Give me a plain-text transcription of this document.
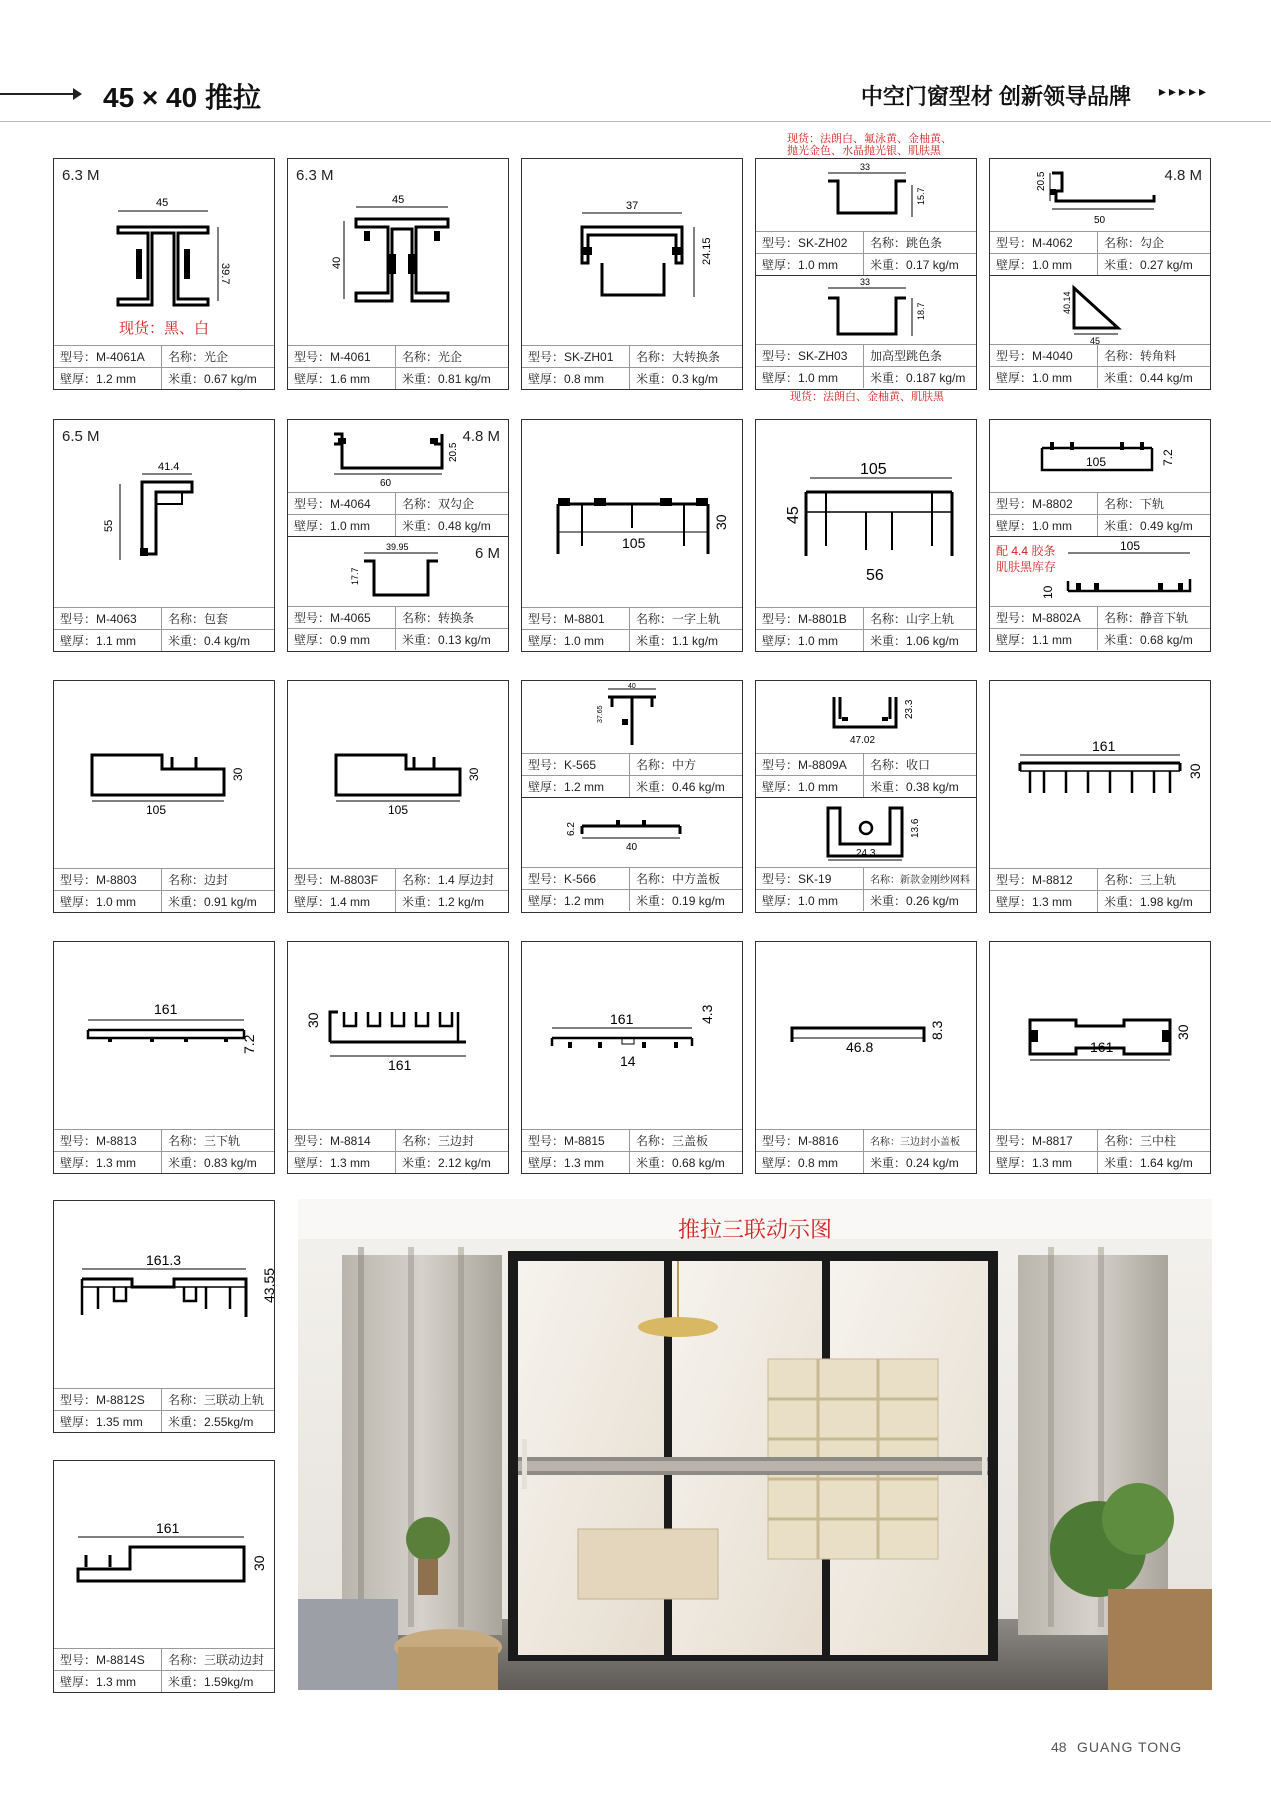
45 × 40 推拉	中空门窗型材 创新领导品牌 ▸▸▸▸▸
现货：法朗白、氟泳黄、金柚黄、
抛光金色、水晶抛光银、肌肤黑
现货：法朗白、金柚黄、肌肤黑
6.3 M
45
39.7
现货：黑、白
型号： M-4061A 名称： 光企
壁厚： 1.2 mm	米重： 0.67 kg/m
6.3 M
45
40
型号： M-4061	名称： 光企
壁厚： 1.6 mm	米重： 0.81 kg/m
37
24.15
型号： SK-ZH01 名称： 大转换条
壁厚： 0.8 mm	米重： 0.3 kg/m
33
15.7
型号： SK-ZH02 名称： 跳色条
壁厚： 1.0 mm	米重： 0.17 kg/m
33
18.7
型号： SK-ZH03 加高型跳色条
壁厚： 1.0 mm	米重： 0.187 kg/m
4.8 M
20.5
50
型号： M-4062	名称： 勾企
壁厚： 1.0 mm	米重： 0.27 kg/m
40.14
45
型号： M-4040	名称： 转角料
壁厚： 1.0 mm	米重： 0.44 kg/m
6.5 M
41.4
55
型号： M-4063	名称： 包套
壁厚： 1.1 mm	米重： 0.4 kg/m
4.8 M
60
20.5
型号： M-4064	名称： 双勾企
壁厚： 1.0 mm	米重： 0.48 kg/m
6 M
39.95
17.7
型号： M-4065	名称： 转换条
壁厚： 0.9 mm	米重： 0.13 kg/m
105
30
型号： M-8801	名称： 一字上轨
壁厚： 1.0 mm	米重： 1.1 kg/m
105
45
56
型号： M-8801B 名称： 山字上轨
壁厚： 1.0 mm	米重： 1.06 kg/m
105	7.2
型号： M-8802	名称： 下轨
壁厚： 1.0 mm	米重： 0.49 kg/m
配 4.4 胶条
肌肤黑库存
105
10
型号： M-8802A 名称： 静音下轨
壁厚： 1.1 mm	米重： 0.68 kg/m
105
30
型号： M-8803	名称： 边封
壁厚： 1.0 mm	米重： 0.91 kg/m
105
30
型号： M-8803F 名称： 1.4 厚边封
壁厚： 1.4 mm	米重： 1.2 kg/m
40
37.65
型号： K-565	名称： 中方
壁厚： 1.2 mm	米重： 0.46 kg/m
40
6.2
型号： K-566	名称： 中方盖板
壁厚： 1.2 mm	米重： 0.19 kg/m
47.02
23.3
型号： M-8809A 名称： 收口
壁厚： 1.0 mm	米重： 0.38 kg/m
24.3
13.6
型号： SK-19	名称： 新款金刚纱网料
壁厚： 1.0 mm	米重： 0.26 kg/m
161
30
型号： M-8812	名称： 三上轨
壁厚： 1.3 mm	米重： 1.98 kg/m
161
7.2
型号： M-8813	名称： 三下轨
壁厚： 1.3 mm	米重： 0.83 kg/m
30
161
型号： M-8814	名称： 三边封
壁厚： 1.3 mm	米重： 2.12 kg/m
161
14
4.3
型号： M-8815	名称： 三盖板
壁厚： 1.3 mm	米重： 0.68 kg/m
46.8
8.3
型号： M-8816	名称： 三边封小盖板
壁厚： 0.8 mm	米重： 0.24 kg/m
161
30
型号： M-8817	名称： 三中柱
壁厚： 1.3 mm	米重： 1.64 kg/m
161.3
43.55
型号： M-8812S 名称： 三联动上轨
壁厚： 1.35 mm 米重： 2.55kg/m
161
30
型号： M-8814S 名称： 三联动边封
壁厚： 1.3 mm	米重： 1.59kg/m
推拉三联动示图
48 GUANG TONG
